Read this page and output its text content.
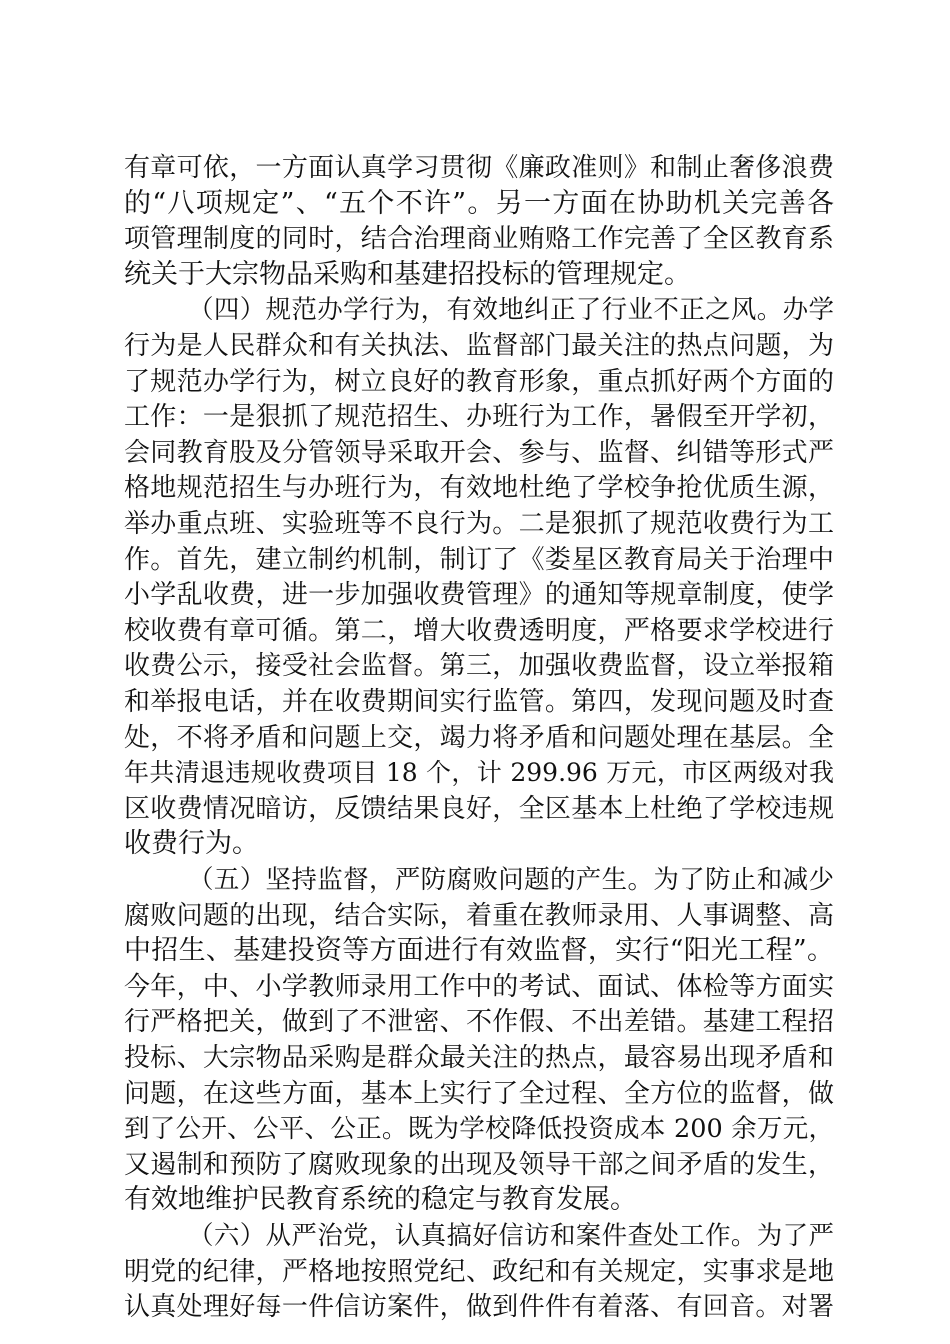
有章可依，一方面认真学习贯彻《廉政准则》和制止奢侈浪费
的“八项规定”、“五个不许”。另一方面在协助机关完善各
项管理制度的同时，结合治理商业贿赂工作完善了全区教育系
统关于大宗物品采购和基建招投标的管理规定。
（四）规范办学行为，有效地纠正了行业不正之风。办学
行为是人民群众和有关执法、监督部门最关注的热点问题，为
了规范办学行为，树立良好的教育形象，重点抓好两个方面的
工作：一是狠抓了规范招生、办班行为工作，暑假至开学初，
会同教育股及分管领导采取开会、参与、监督、纠错等形式严
格地规范招生与办班行为，有效地杜绝了学校争抢优质生源，
举办重点班、实验班等不良行为。二是狠抓了规范收费行为工
作。首先，建立制约机制，制订了《娄星区教育局关于治理中
小学乱收费，进一步加强收费管理》的通知等规章制度，使学
校收费有章可循。第二，增大收费透明度，严格要求学校进行
收费公示，接受社会监督。第三，加强收费监督，设立举报箱
和举报电话，并在收费期间实行监管。第四，发现问题及时查
处，不将矛盾和问题上交，竭力将矛盾和问题处理在基层。全
年共清退违规收费项目 18 个，计 299.96 万元，市区两级对我
区收费情况暗访，反馈结果良好，全区基本上杜绝了学校违规
收费行为。
（五）坚持监督，严防腐败问题的产生。为了防止和减少
腐败问题的出现，结合实际，着重在教师录用、人事调整、高
中招生、基建投资等方面进行有效监督，实行“阳光工程”。
今年，中、小学教师录用工作中的考试、面试、体检等方面实
行严格把关，做到了不泄密、不作假、不出差错。基建工程招
投标、大宗物品采购是群众最关注的热点，最容易出现矛盾和
问题，在这些方面，基本上实行了全过程、全方位的监督，做
到了公开、公平、公正。既为学校降低投资成本 200 余万元，
又遏制和预防了腐败现象的出现及领导干部之间矛盾的发生，
有效地维护民教育系统的稳定与教育发展。
（六）从严治党，认真搞好信访和案件查处工作。为了严
明党的纪律，严格地按照党纪、政纪和有关规定，实事求是地
认真处理好每一件信访案件，做到件件有着落、有回音。对署
